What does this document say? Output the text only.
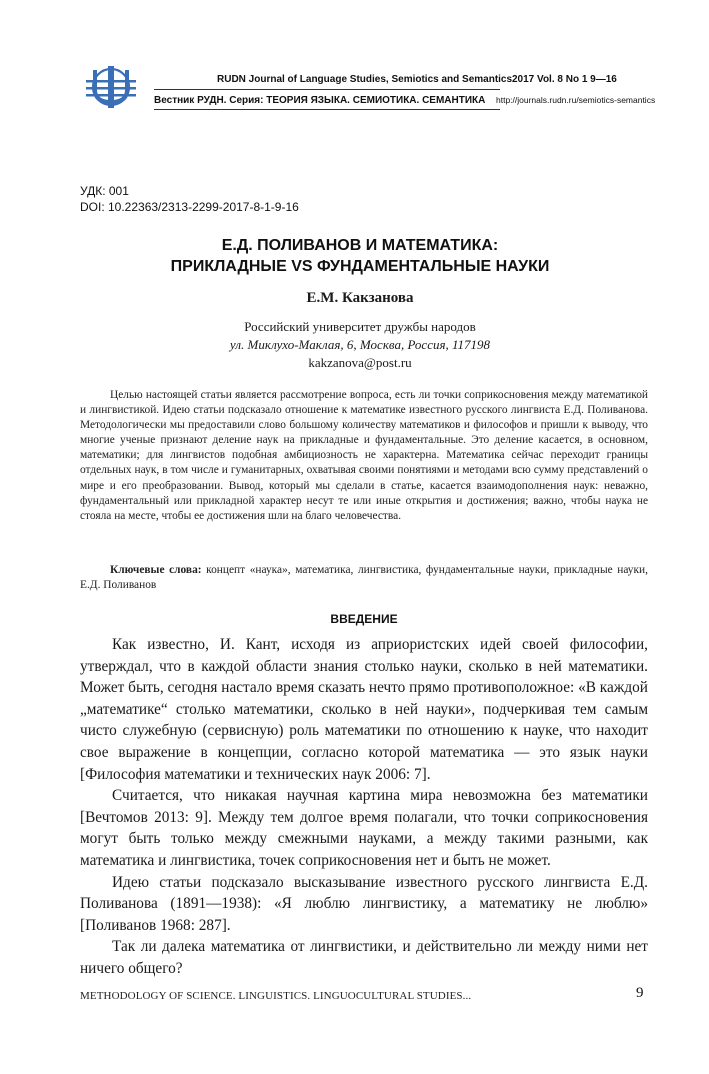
RUDN Journal of Language Studies, Semiotics and Semantics
Вестник РУДН. Серия: ТЕОРИЯ ЯЗЫКА. СЕМИОТИКА. СЕМАНТИКА
2017 Vol. 8 No 1 9—16
http://journals.rudn.ru/semiotics-semantics
УДК: 001
DOI: 10.22363/2313-2299-2017-8-1-9-16
Е.Д. ПОЛИВАНОВ И МАТЕМАТИКА:
ПРИКЛАДНЫЕ VS ФУНДАМЕНТАЛЬНЫЕ НАУКИ
Е.М. Какзанова
Российский университет дружбы народов
ул. Миклухо-Маклая, 6, Москва, Россия, 117198
kakzanova@post.ru
Целью настоящей статьи является рассмотрение вопроса, есть ли точки соприкосновения между математикой и лингвистикой. Идею статьи подсказало отношение к математике известного русского лингвиста Е.Д. Поливанова. Методологически мы предоставили слово большому количеству математиков и философов и пришли к выводу, что многие ученые признают деление наук на прикладные и фундаментальные. Это деление касается, в основном, математики; для лингвистов подобная амбициозность не характерна. Математика сейчас переходит границы отдельных наук, в том числе и гуманитарных, охватывая своими понятиями и методами всю сумму представлений о мире и его преобразовании. Вывод, который мы сделали в статье, касается взаимодополнения наук: неважно, фундаментальный или прикладной характер несут те или иные открытия и достижения; важно, чтобы наука не стояла на месте, чтобы ее достижения шли на благо человечества.
Ключевые слова: концепт «наука», математика, лингвистика, фундаментальные науки, прикладные науки, Е.Д. Поливанов
ВВЕДЕНИЕ

Как известно, И. Кант, исходя из априористских идей своей философии, утверждал, что в каждой области знания столько науки, сколько в ней математики. Может быть, сегодня настало время сказать нечто прямо противоположное: «В каждой „математике“ столько математики, сколько в ней науки», подчеркивая тем самым чисто служебную (сервисную) роль математики по отношению к науке, что находит свое выражение в концепции, согласно которой математика — это язык науки [Философия математики и технических наук 2006: 7].

Считается, что никакая научная картина мира невозможна без математики [Вечтомов 2013: 9]. Между тем долгое время полагали, что точки соприкосновения могут быть только между смежными науками, а между такими разными, как математика и лингвистика, точек соприкосновения нет и быть не может.

Идею статьи подсказало высказывание известного русского лингвиста Е.Д. Поливанова (1891—1938): «Я люблю лингвистику, а математику не люблю» [Поливанов 1968: 287].

Так ли далека математика от лингвистики, и действительно ли между ними нет ничего общего?

METHODOLOGY OF SCIENCE. LINGUISTICS. LINGUOCULTURAL STUDIES...	9
